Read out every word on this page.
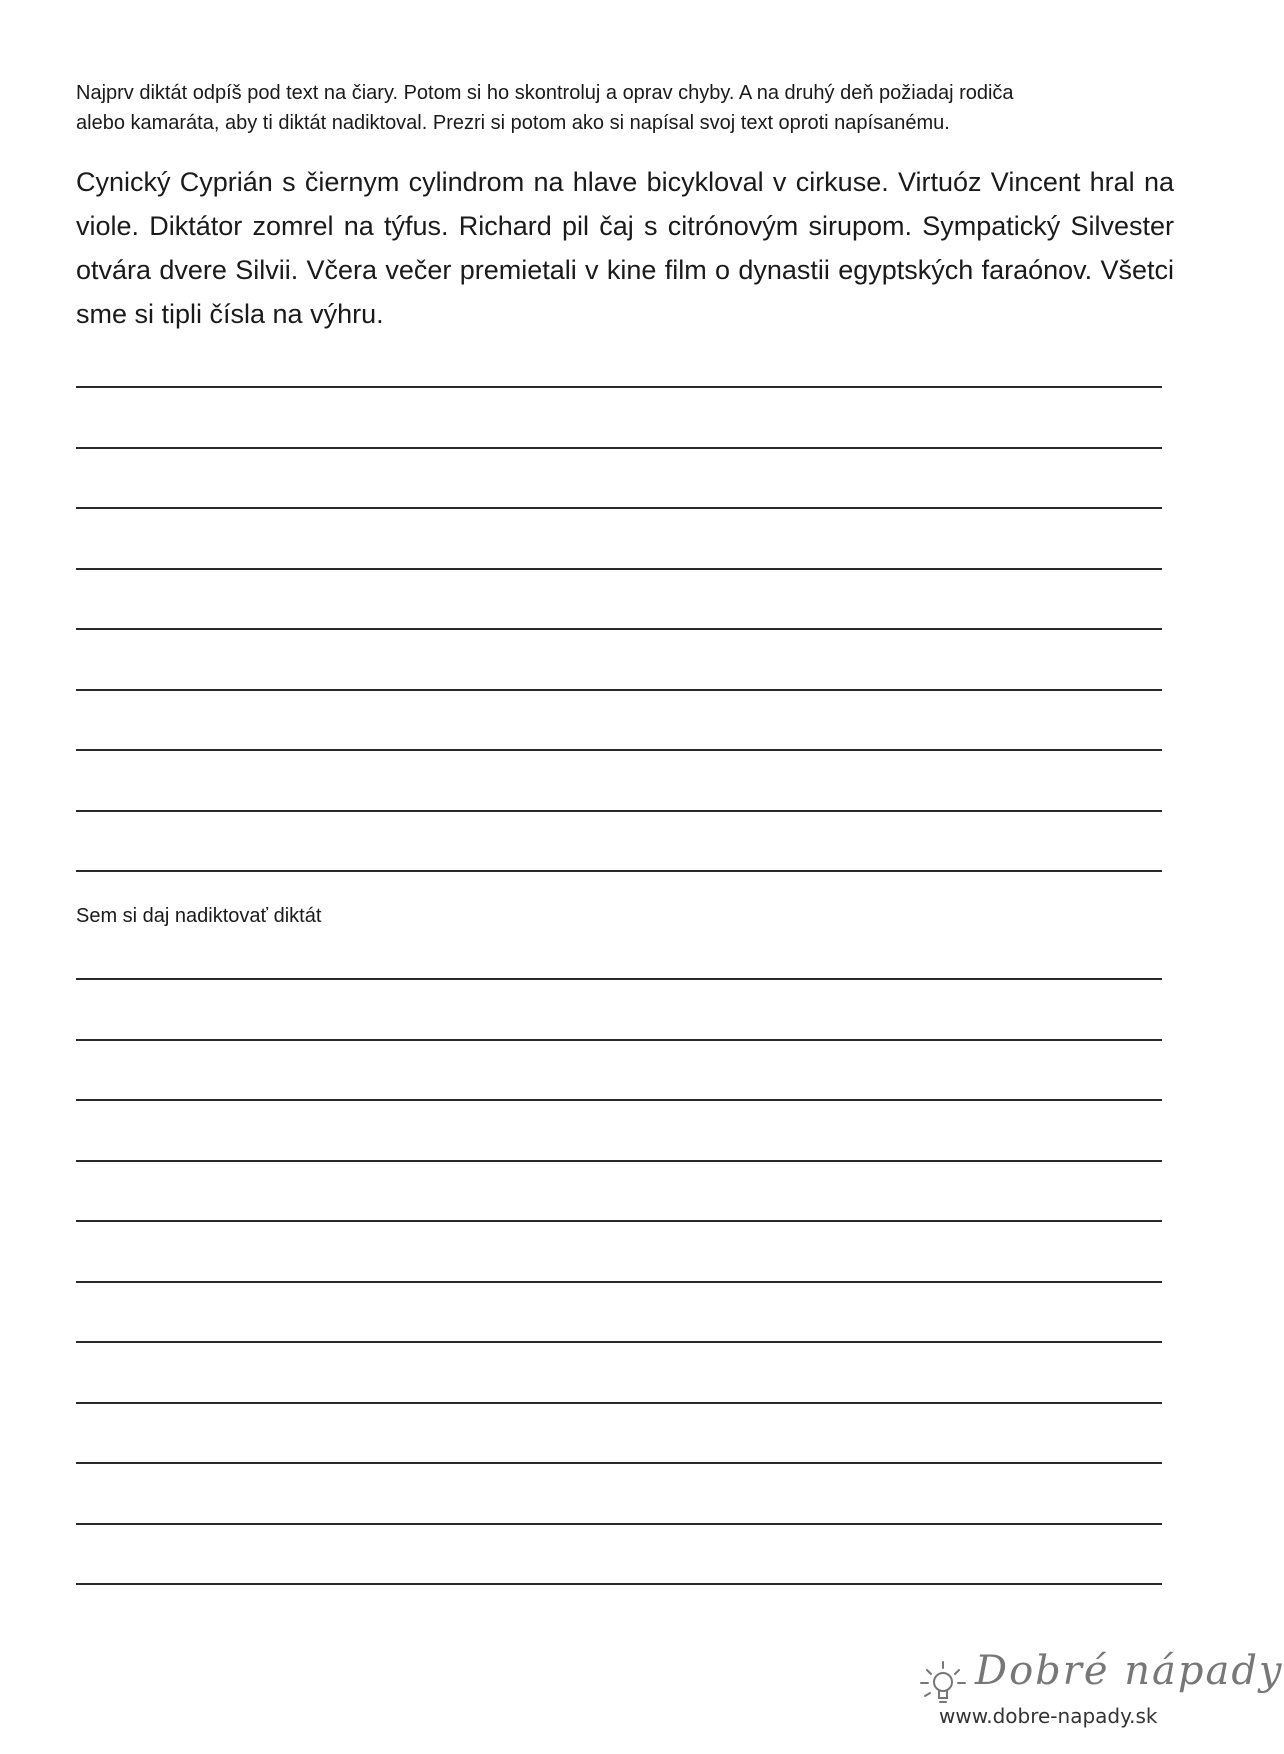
Najprv diktát odpíš pod text na čiary. Potom si ho skontroluj a oprav chyby. A na druhý deň požiadaj rodiča
alebo kamaráta, aby ti diktát nadiktoval. Prezri si potom ako si napísal svoj text oproti napísanému.

Cynický Cyprián s čiernym cylindrom na hlave bicykloval v cirkuse. Virtuóz Vincent hral na viole. Diktátor zomrel na týfus. Richard pil čaj s citrónovým sirupom. Sympatický Silvester otvára dvere Silvii. Včera večer premietali v kine film o dynastii egyptských faraónov. Všetci sme si tipli čísla na výhru.

Sem si daj nadiktovať diktát

Dobré nápady
www.dobre-napady.sk
